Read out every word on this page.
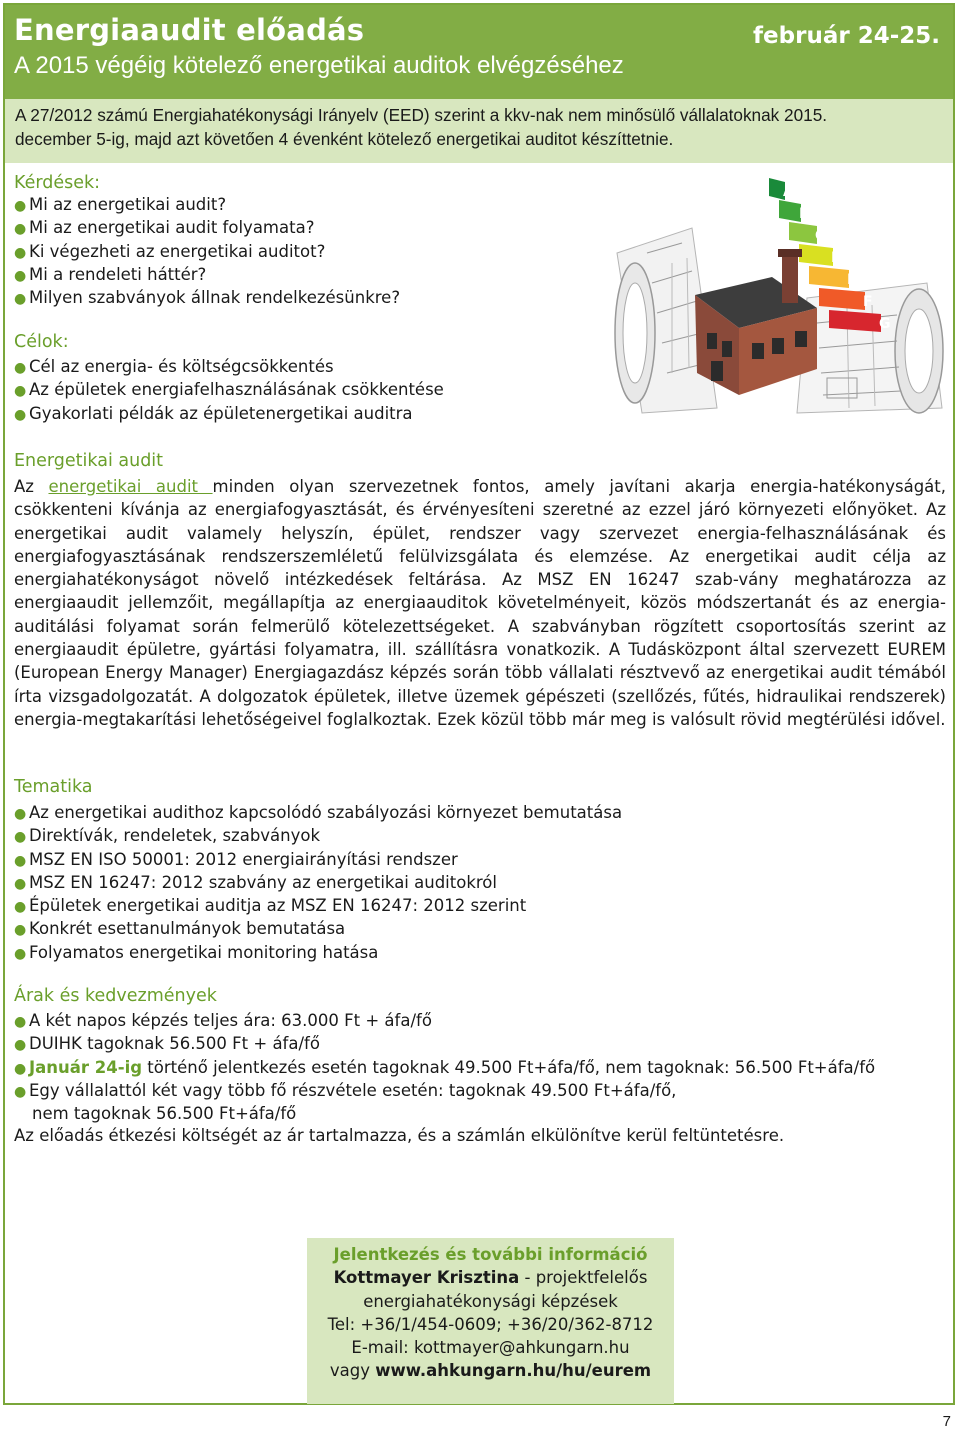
Energiaaudit előadás	február 24-25.
A 2015 végéig kötelező energetikai auditok elvégzéséhez
A 27/2012 számú Energiahatékonysági Irányelv (EED) szerint a kkv-nak nem minősülő vállalatoknak 2015.
december 5-ig, majd azt követően 4 évenként kötelező energetikai auditot készíttetnie.
Kérdések:
● Mi az energetikai audit?
● Mi az energetikai audit folyamata?
● Ki végezheti az energetikai auditot?
● Mi a rendeleti háttér?
● Milyen szabványok állnak rendelkezésünkre?
Célok:
● Cél az energia- és költségcsökkentés
● Az épületek energiafelhasználásának csökkentése
● Gyakorlati példák az épületenergetikai auditra
A
B
C
D
E
F
G
Energetikai audit
Az energetikai audit minden olyan szervezetnek fontos, amely javítani akarja energia-hatékonyságát, csökkenteni kívánja az energiafogyasztását, és érvényesíteni szeretné az ezzel járó környezeti előnyöket. Az energetikai audit valamely helyszín, épület, rendszer vagy szervezet energia-felhasználásának és energiafogyasztásának rendszerszemléletű felülvizsgálata és elemzése. Az energetikai audit célja az energiahatékonyságot növelő intézkedések feltárása. Az MSZ EN 16247 szab-vány meghatározza az energiaaudit jellemzőit, megállapítja az energiaauditok követelményeit, közös módszertanát és az energia-auditálási folyamat során felmerülő kötelezettségeket. A szabványban rögzített csoportosítás szerint az energiaaudit épületre, gyártási folyamatra, ill. szállításra vonatkozik. A Tudásközpont által szervezett EUREM (European Energy Manager) Energiagazdász képzés során több vállalati résztvevő az energetikai audit témából írta vizsgadolgozatát. A dolgozatok épületek, illetve üzemek gépészeti (szellőzés, fűtés, hidraulikai rendszerek) energia-megtakarítási lehetőségeivel foglalkoztak. Ezek közül több már meg is valósult rövid megtérülési idővel.
Tematika
● Az energetikai audithoz kapcsolódó szabályozási környezet bemutatása
● Direktívák, rendeletek, szabványok
● MSZ EN ISO 50001: 2012 energiairányítási rendszer
● MSZ EN 16247: 2012 szabvány az energetikai auditokról
● Épületek energetikai auditja az MSZ EN 16247: 2012 szerint
● Konkrét esettanulmányok bemutatása
● Folyamatos energetikai monitoring hatása
Árak és kedvezmények
● A két napos képzés teljes ára: 63.000 Ft + áfa/fő
● DUIHK tagoknak 56.500 Ft + áfa/fő
● Január 24-ig történő jelentkezés esetén tagoknak 49.500 Ft+áfa/fő, nem tagoknak: 56.500 Ft+áfa/fő
● Egy vállalattól két vagy több fő részvétele esetén: tagoknak 49.500 Ft+áfa/fő,
nem tagoknak 56.500 Ft+áfa/fő
Az előadás étkezési költségét az ár tartalmazza, és a számlán elkülönítve kerül feltüntetésre.
Jelentkezés és további információ
Kottmayer Krisztina - projektfelelős
energiahatékonysági képzések
Tel: +36/1/454-0609; +36/20/362-8712
E-mail: kottmayer@ahkungarn.hu
vagy www.ahkungarn.hu/hu/eurem
7
